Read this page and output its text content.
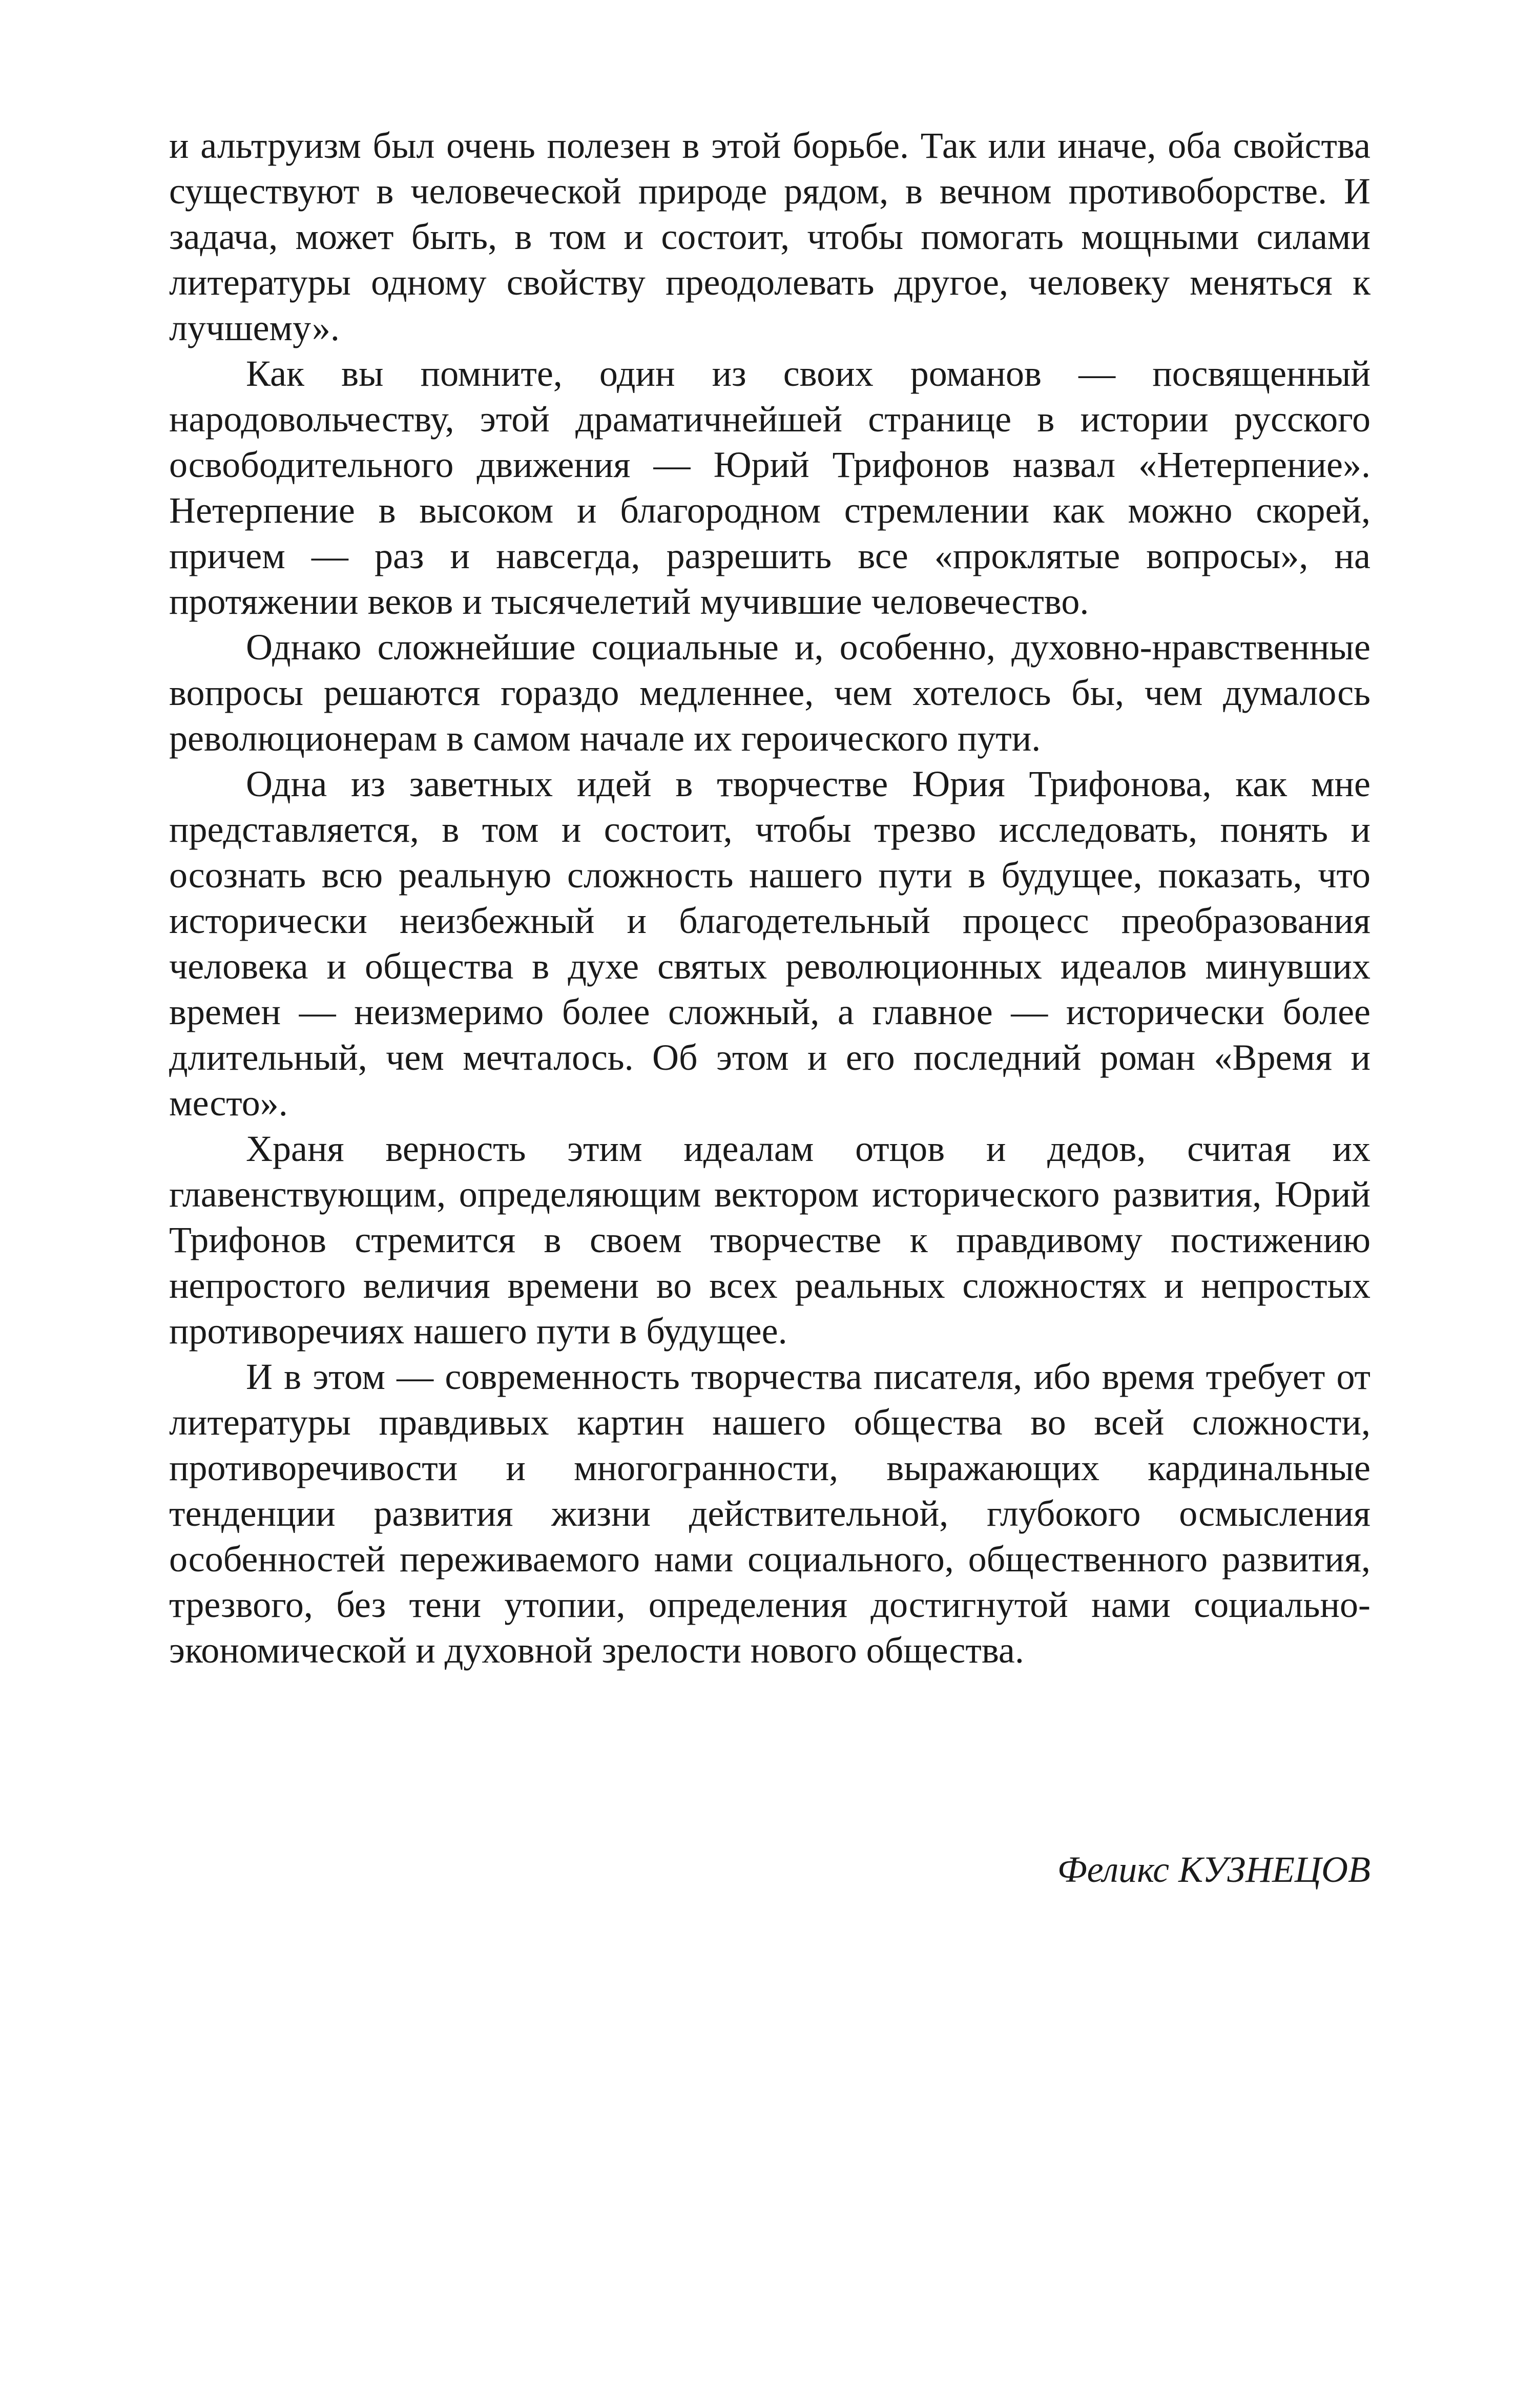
и альтруизм был очень полезен в этой борьбе. Так или иначе, оба свойства существуют в человеческой природе рядом, в вечном противоборстве. И задача, может быть, в том и состоит, чтобы помогать мощными силами литературы одному свойству преодолевать другое, человеку меняться к лучшему».

Как вы помните, один из своих романов — посвященный народовольчеству, этой драматичнейшей странице в истории русского освободительного движения — Юрий Трифонов назвал «Нетерпение». Нетерпение в высоком и благородном стремлении как можно скорей, причем — раз и навсегда, разрешить все «проклятые вопросы», на протяжении веков и тысячелетий мучившие человечество.

Однако сложнейшие социальные и, особенно, духовно-нравственные вопросы решаются гораздо медленнее, чем хотелось бы, чем думалось революционерам в самом начале их героического пути.

Одна из заветных идей в творчестве Юрия Трифонова, как мне представляется, в том и состоит, чтобы трезво исследовать, понять и осознать всю реальную сложность нашего пути в будущее, показать, что исторически неизбежный и благодетельный процесс преобразования человека и общества в духе святых революционных идеалов минувших времен — неизмеримо более сложный, а главное — исторически более длительный, чем мечталось. Об этом и его последний роман «Время и место».

Храня верность этим идеалам отцов и дедов, считая их главенствующим, определяющим вектором исторического развития, Юрий Трифонов стремится в своем творчестве к правдивому постижению непростого величия времени во всех реальных сложностях и непростых противоречиях нашего пути в будущее.

И в этом — современность творчества писателя, ибо время требует от литературы правдивых картин нашего общества во всей сложности, противоречивости и многогранности, выражающих кардинальные тенденции развития жизни действительной, глубокого осмысления особенностей переживаемого нами социального, общественного развития, трезвого, без тени утопии, определения достигнутой нами социально-экономической и духовной зрелости нового общества.

Феликс КУЗНЕЦОВ
